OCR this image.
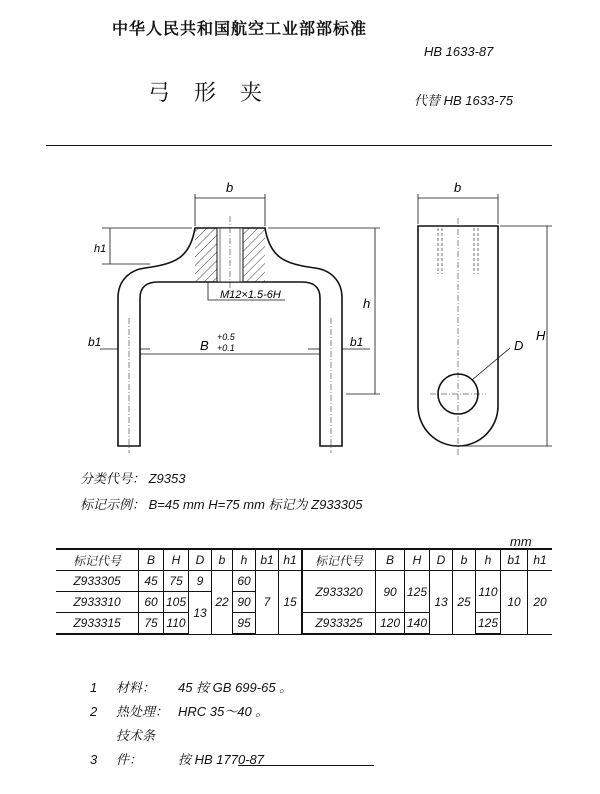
中华人民共和国航空工业部部标准
HB 1633-87
弓形夹	代替 HB 1633-75
b
h1
h
b1	b1
B
+0.5
+0.1
M12×1.5-6H
b
H
D
分类代号： Z9353
标记示例： B=45 mm H=75 mm 标记为 Z933305
mm
标记代号	B	H	D	b	h	b1	h1	标记代号	B	H	D	b	h	b1	h1
Z933305	45	75	9	22	60	7	15	Z933320	90	125	13	25	110	10	20
Z933310	60	105	13		90										
Z933315	75	110			95			Z933325	120	140			125		
1 材料： 45 按 GB 699-65 。
2 热处理： HRC 35～40 。
3技术条件：	按 HB 1770-87
